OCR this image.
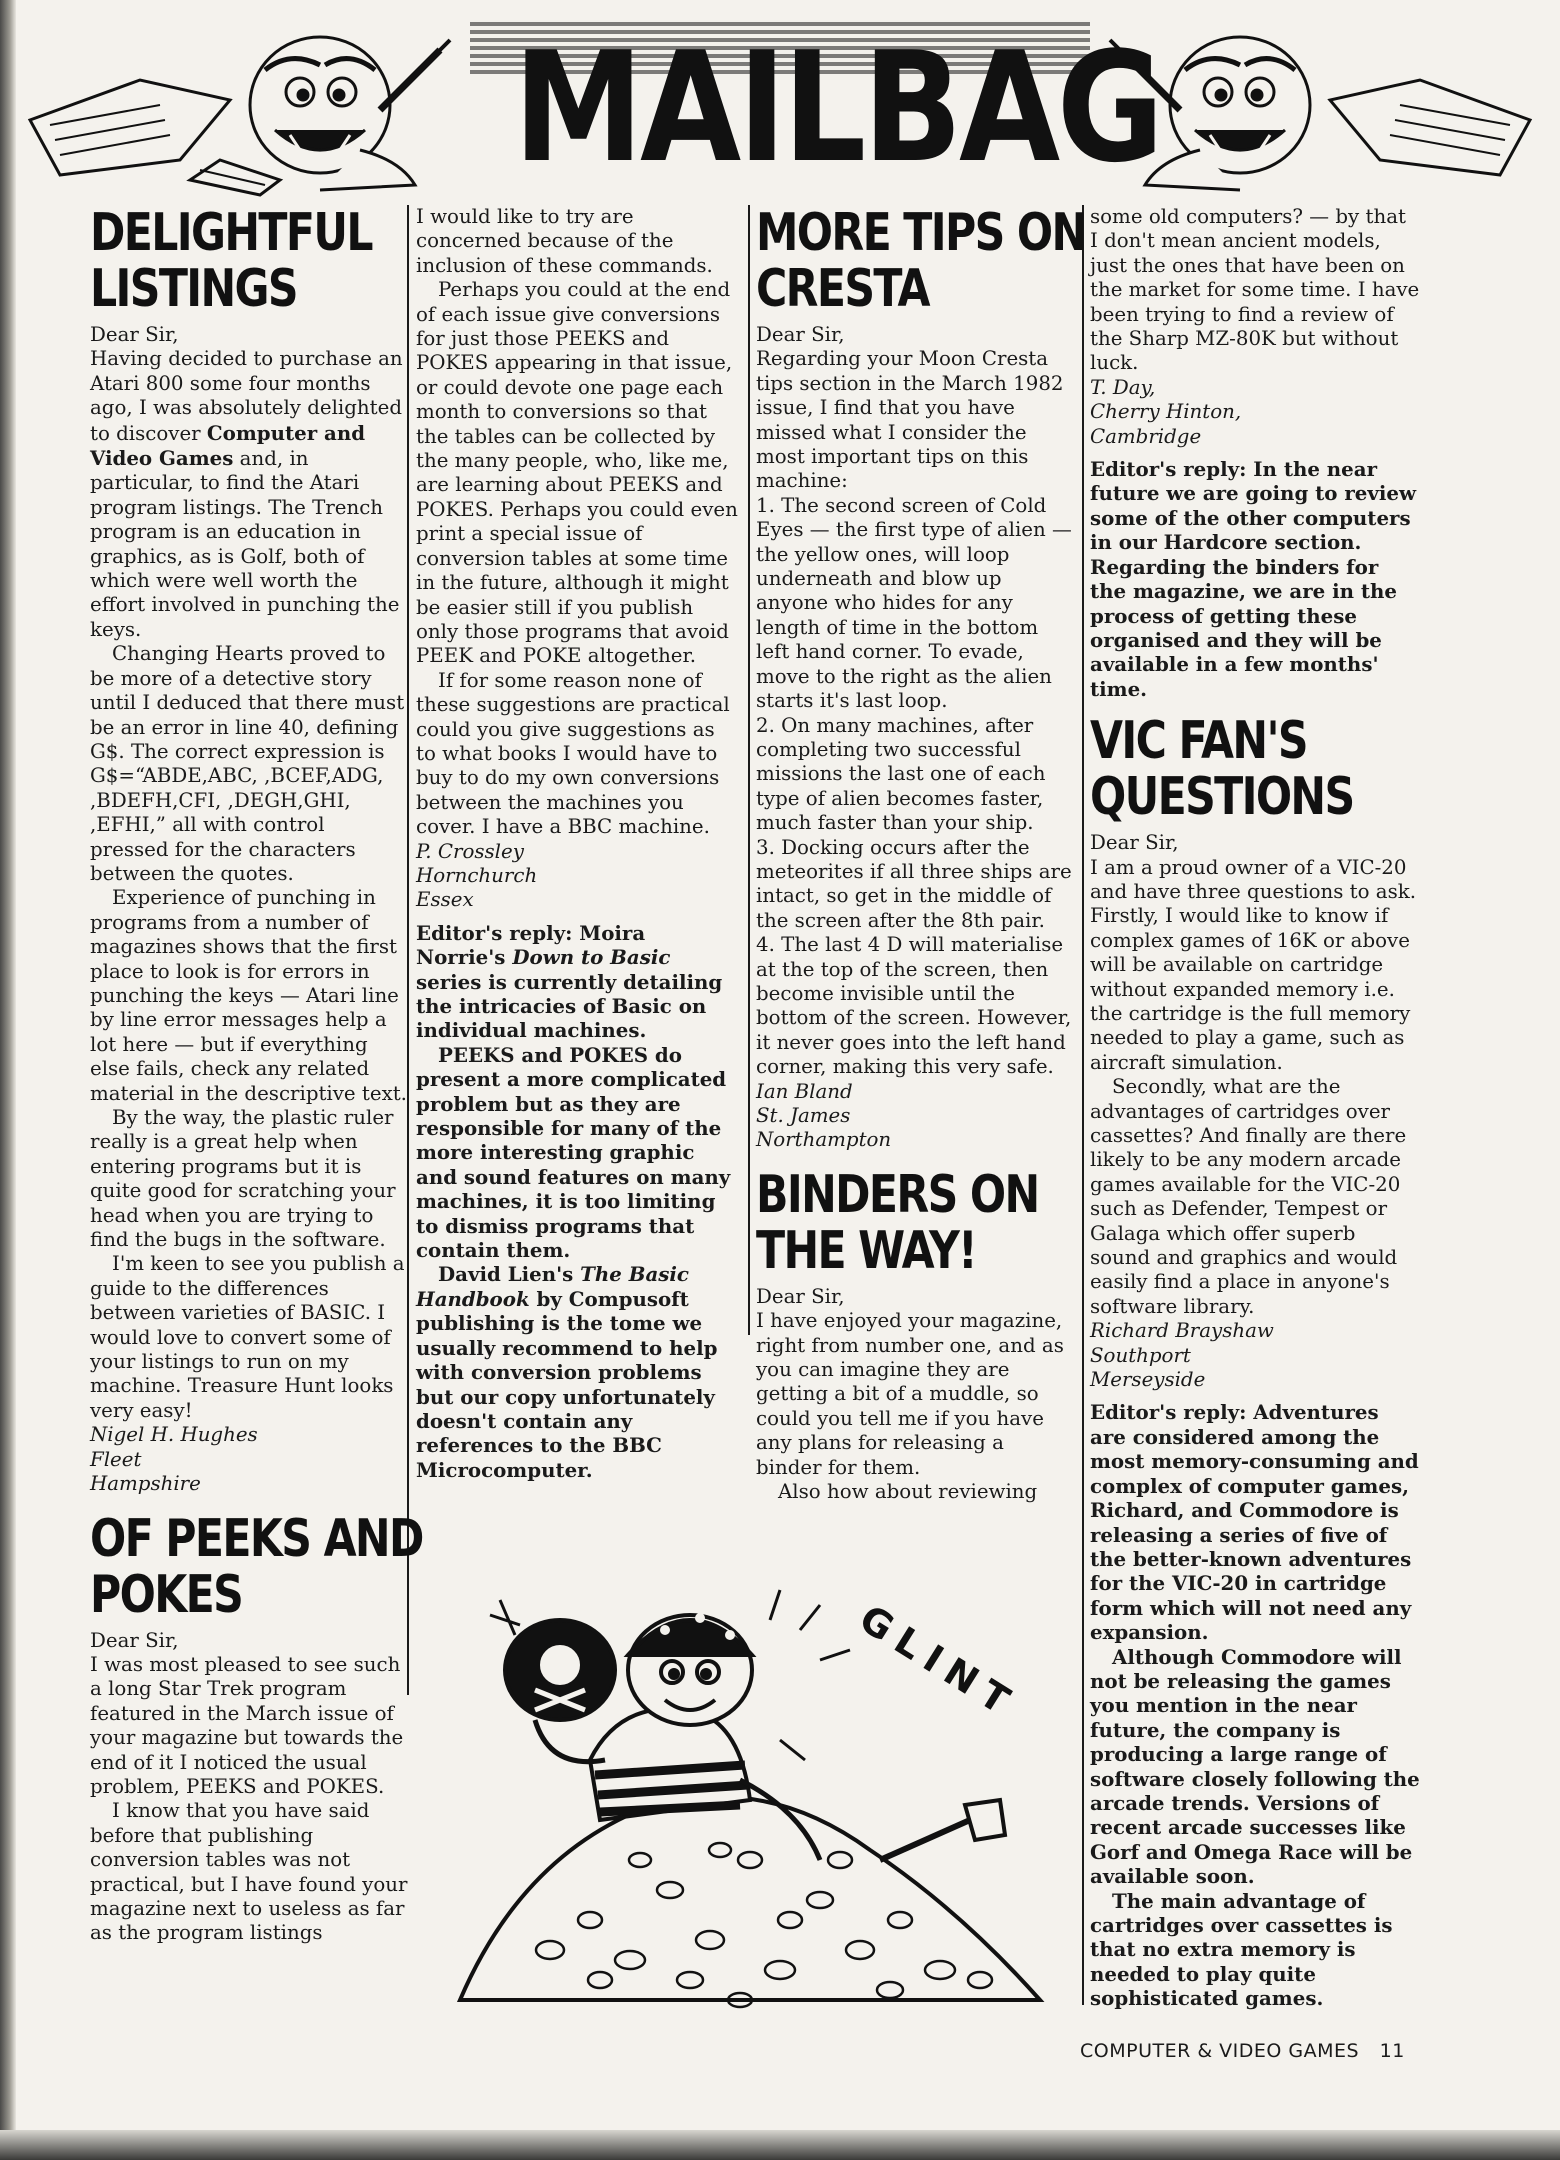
MAILBAG
DELIGHTFUL LISTINGS

Dear Sir,

Having decided to purchase an Atari 800 some four months ago, I was absolutely delighted to discover Computer and Video Games and, in particular, to find the Atari program listings. The Trench program is an education in graphics, as is Golf, both of which were well worth the effort involved in punching the keys.

Changing Hearts proved to be more of a detective story until I deduced that there must be an error in line 40, defining G$. The correct expression is G$=“ABDE,ABC, ,BCEF,ADG, ,BDEFH,CFI, ,DEGH,GHI, ,EFHI,” all with control pressed for the characters between the quotes.

Experience of punching in programs from a number of magazines shows that the first place to look is for errors in punching the keys — Atari line by line error messages help a lot here — but if everything else fails, check any related material in the descriptive text.

By the way, the plastic ruler really is a great help when entering programs but it is quite good for scratching your head when you are trying to find the bugs in the software.

I'm keen to see you publish a guide to the differences between varieties of BASIC. I would love to convert some of your listings to run on my machine. Treasure Hunt looks very easy!

Nigel H. Hughes

Fleet

Hampshire

OF PEEKS AND POKES

Dear Sir,

I was most pleased to see such a long Star Trek program featured in the March issue of your magazine but towards the end of it I noticed the usual problem, PEEKS and POKES.

I know that you have said before that publishing conversion tables was not practical, but I have found your magazine next to useless as far as the program listings

I would like to try are concerned because of the inclusion of these commands.

Perhaps you could at the end of each issue give conversions for just those PEEKS and POKES appearing in that issue, or could devote one page each month to conversions so that the tables can be collected by the many people, who, like me, are learning about PEEKS and POKES. Perhaps you could even print a special issue of conversion tables at some time in the future, although it might be easier still if you publish only those programs that avoid PEEK and POKE altogether.

If for some reason none of these suggestions are practical could you give suggestions as to what books I would have to buy to do my own conversions between the machines you cover. I have a BBC machine.

P. Crossley

Hornchurch

Essex

Editor's reply: Moira Norrie's Down to Basic series is currently detailing the intricacies of Basic on individual machines.

PEEKS and POKES do present a more complicated problem but as they are responsible for many of the more interesting graphic and sound features on many machines, it is too limiting to dismiss programs that contain them.

David Lien's The Basic Handbook by Compusoft publishing is the tome we usually recommend to help with conversion problems but our copy unfortunately doesn't contain any references to the BBC Microcomputer.

MORE TIPS ON CRESTA

Dear Sir,

Regarding your Moon Cresta tips section in the March 1982 issue, I find that you have missed what I consider the most important tips on this machine:

1. The second screen of Cold Eyes — the first type of alien — the yellow ones, will loop underneath and blow up anyone who hides for any length of time in the bottom left hand corner. To evade, move to the right as the alien starts it's last loop.

2. On many machines, after completing two successful missions the last one of each type of alien becomes faster, much faster than your ship.

3. Docking occurs after the meteorites if all three ships are intact, so get in the middle of the screen after the 8th pair.

4. The last 4 D will materialise at the top of the screen, then become invisible until the bottom of the screen. However, it never goes into the left hand corner, making this very safe.

Ian Bland

St. James

Northampton

BINDERS ON THE WAY!

Dear Sir,

I have enjoyed your magazine, right from number one, and as you can imagine they are getting a bit of a muddle, so could you tell me if you have any plans for releasing a binder for them.

Also how about reviewing

some old computers? — by that I don't mean ancient models, just the ones that have been on the market for some time. I have been trying to find a review of the Sharp MZ-80K but without luck.

T. Day,

Cherry Hinton,

Cambridge

Editor's reply: In the near future we are going to review some of the other computers in our Hardcore section. Regarding the binders for the magazine, we are in the process of getting these organised and they will be available in a few months' time.

VIC FAN'S QUESTIONS

Dear Sir,

I am a proud owner of a VIC-20 and have three questions to ask. Firstly, I would like to know if complex games of 16K or above will be available on cartridge without expanded memory i.e. the cartridge is the full memory needed to play a game, such as aircraft simulation.

Secondly, what are the advantages of cartridges over cassettes? And finally are there likely to be any modern arcade games available for the VIC-20 such as Defender, Tempest or Galaga which offer superb sound and graphics and would easily find a place in anyone's software library.

Richard Brayshaw

Southport

Merseyside

Editor's reply: Adventures are considered among the most memory-consuming and complex of computer games, Richard, and Commodore is releasing a series of five of the better-known adventures for the VIC-20 in cartridge form which will not need any expansion.

Although Commodore will not be releasing the games you mention in the near future, the company is producing a large range of software closely following the arcade trends. Versions of recent arcade successes like Gorf and Omega Race will be available soon.

The main advantage of cartridges over cassettes is that no extra memory is needed to play quite sophisticated games.

GLINT
COMPUTER & VIDEO GAMES 11
